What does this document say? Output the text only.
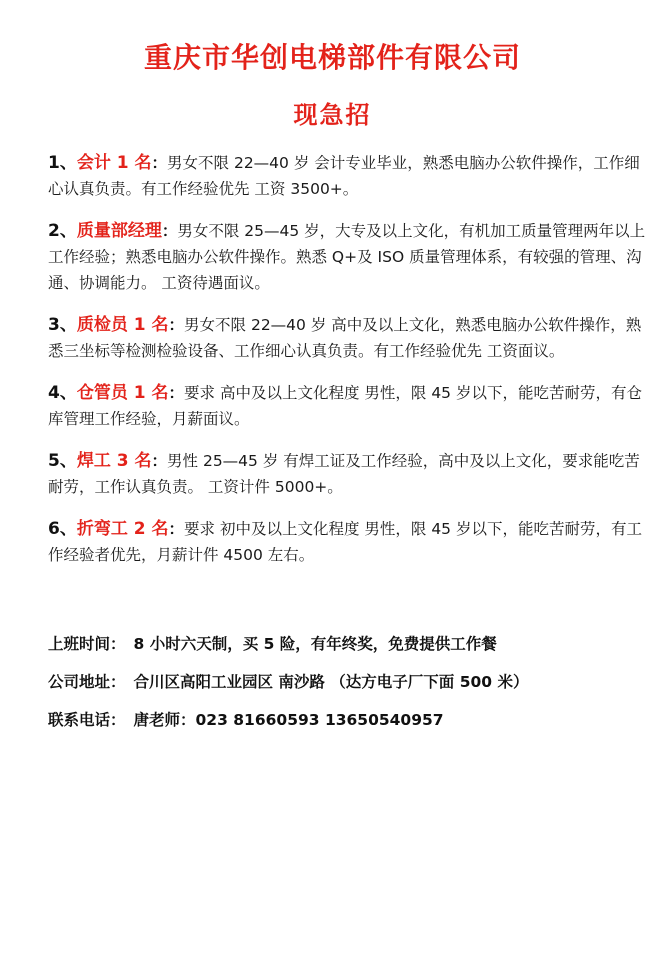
重庆市华创电梯部件有限公司
现急招
1、会计 1 名：男女不限 22—40 岁 会计专业毕业，熟悉电脑办公软件操作，工作细心认真负责。有工作经验优先 工资 3500+。
2、质量部经理：男女不限 25—45 岁，大专及以上文化，有机加工质量管理两年以上工作经验；熟悉电脑办公软件操作。熟悉 Q+及 ISO 质量管理体系，有较强的管理、沟通、协调能力。 工资待遇面议。
3、质检员 1 名：男女不限 22—40 岁 高中及以上文化，熟悉电脑办公软件操作，熟悉三坐标等检测检验设备、工作细心认真负责。有工作经验优先 工资面议。
4、仓管员 1 名：要求 高中及以上文化程度 男性，限 45 岁以下，能吃苦耐劳，有仓库管理工作经验，月薪面议。
5、焊工 3 名：男性 25—45 岁 有焊工证及工作经验，高中及以上文化，要求能吃苦耐劳，工作认真负责。 工资计件 5000+。
6、折弯工 2 名：要求 初中及以上文化程度 男性，限 45 岁以下，能吃苦耐劳，有工作经验者优先，月薪计件 4500 左右。
上班时间： 8 小时六天制，买 5 险，有年终奖，免费提供工作餐
公司地址： 合川区高阳工业园区 南沙路 （达方电子厂下面 500 米）
联系电话： 唐老师：023 81660593 13650540957
